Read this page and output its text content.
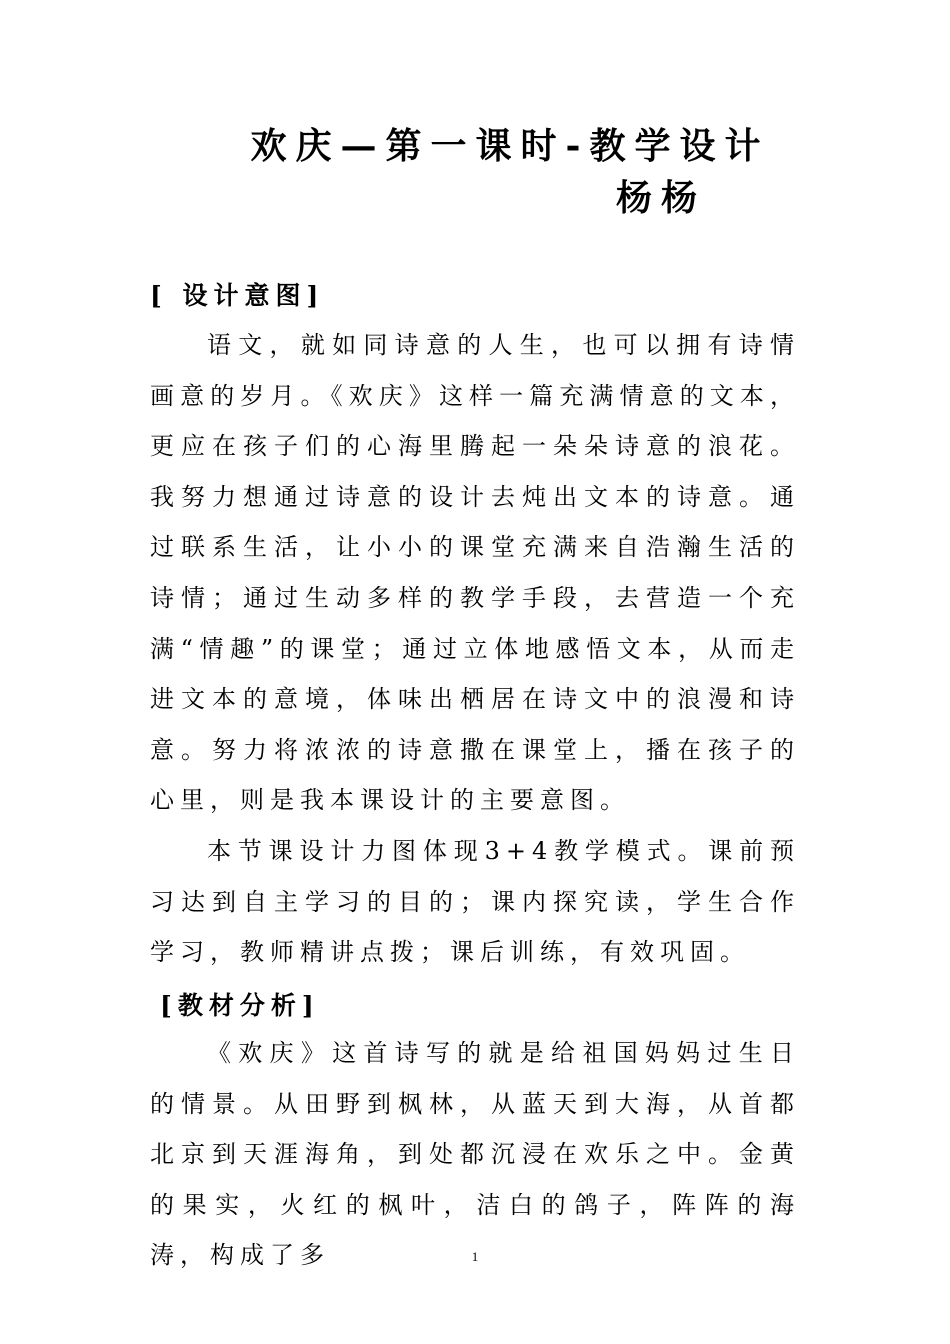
欢庆—第一课时-教学设计
杨杨
[ 设计意图]

语文，就如同诗意的人生，也可以拥有诗情画意的岁月。《欢庆》这样一篇充满情意的文本，更应在孩子们的心海里腾起一朵朵诗意的浪花。我努力想通过诗意的设计去炖出文本的诗意。通过联系生活，让小小的课堂充满来自浩瀚生活的诗情；通过生动多样的教学手段，去营造一个充满“情趣”的课堂；通过立体地感悟文本，从而走进文本的意境，体味出栖居在诗文中的浪漫和诗意。努力将浓浓的诗意撒在课堂上，播在孩子的心里，则是我本课设计的主要意图。

本节课设计力图体现3+4教学模式。课前预习达到自主学习的目的；课内探究读，学生合作学习，教师精讲点拨；课后训练，有效巩固。

[教材分析]

《欢庆》这首诗写的就是给祖国妈妈过生日的情景。从田野到枫林，从蓝天到大海，从首都北京到天涯海角，到处都沉浸在欢乐之中。金黄的果实，火红的枫叶，洁白的鸽子，阵阵的海涛，构成了多	1
